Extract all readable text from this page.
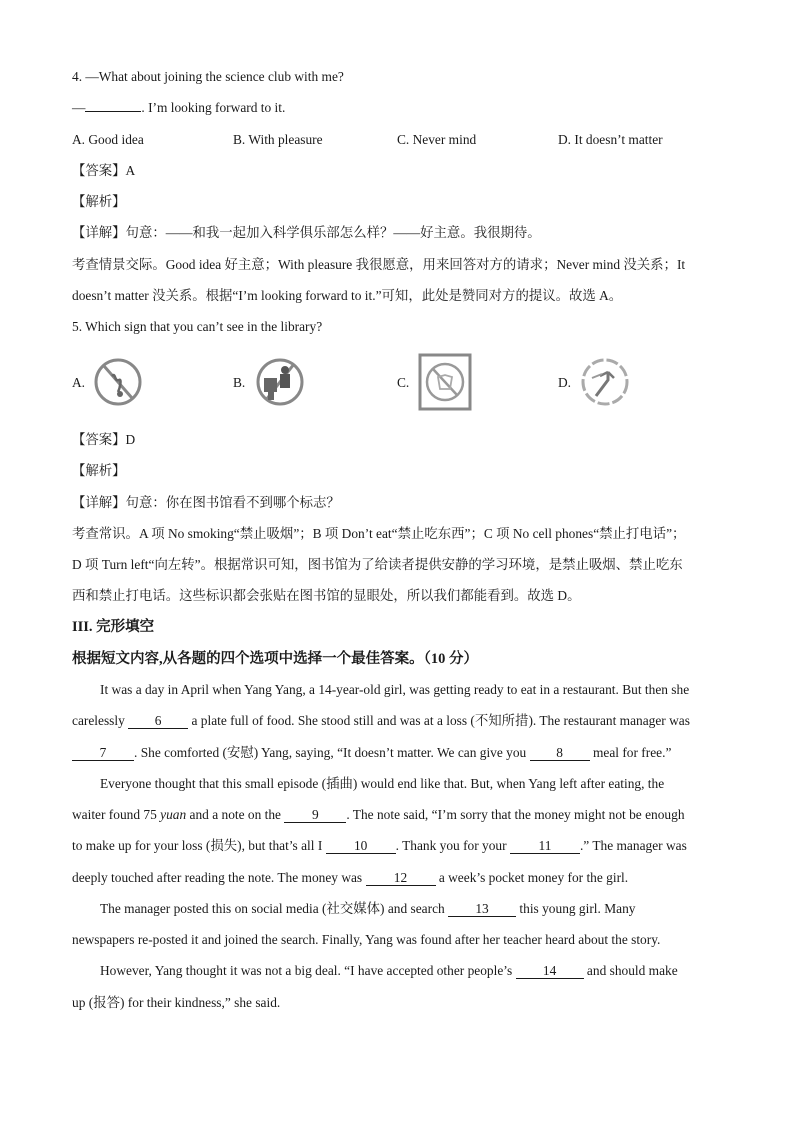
4. —What about joining the science club with me?
—	. I’m looking forward to it.
A. Good idea	B. With pleasure	C. Never mind	D. It doesn’t matter
【答案】A
【解析】
【详解】句意：——和我一起加入科学俱乐部怎么样？——好主意。我很期待。
考查情景交际。Good idea 好主意；With pleasure 我很愿意，用来回答对方的请求；Never mind 没关系；It
doesn’t matter 没关系。根据“I’m looking forward to it.”可知，此处是赞同对方的提议。故选 A。
5. Which sign that you can’t see in the library?
A.	B.	C.	D.
【答案】D
【解析】
【详解】句意：你在图书馆看不到哪个标志？
考查常识。A 项 No smoking“禁止吸烟”；B 项 Don’t eat“禁止吃东西”；C 项 No cell phones“禁止打电话”；
D 项 Turn left“向左转”。根据常识可知，图书馆为了给读者提供安静的学习环境，是禁止吸烟、禁止吃东
西和禁止打电话。这些标识都会张贴在图书馆的显眼处，所以我们都能看到。故选 D。
III. 完形填空
根据短文内容,从各题的四个选项中选择一个最佳答案。（10 分）
It was a day in April when Yang Yang, a 14-year-old girl, was getting ready to eat in a restaurant. But then she
carelessly 6 a plate full of food. She stood still and was at a loss (不知所措). The restaurant manager was
7 . She comforted (安慰) Yang, saying, “It doesn’t matter. We can give you 8 meal for free.”
Everyone thought that this small episode (插曲) would end like that. But, when Yang left after eating, the
waiter found 75 yuan and a note on the 9 . The note said, “I’m sorry that the money might not be enough
to make up for your loss (损失), but that’s all I 10 . Thank you for your 11 .” The manager was
deeply touched after reading the note. The money was 12 a week’s pocket money for the girl.
The manager posted this on social media (社交媒体) and search 13 this young girl. Many
newspapers re-posted it and joined the search. Finally, Yang was found after her teacher heard about the story.
However, Yang thought it was not a big deal. “I have accepted other people’s 14 and should make
up (报答) for their kindness,” she said.
